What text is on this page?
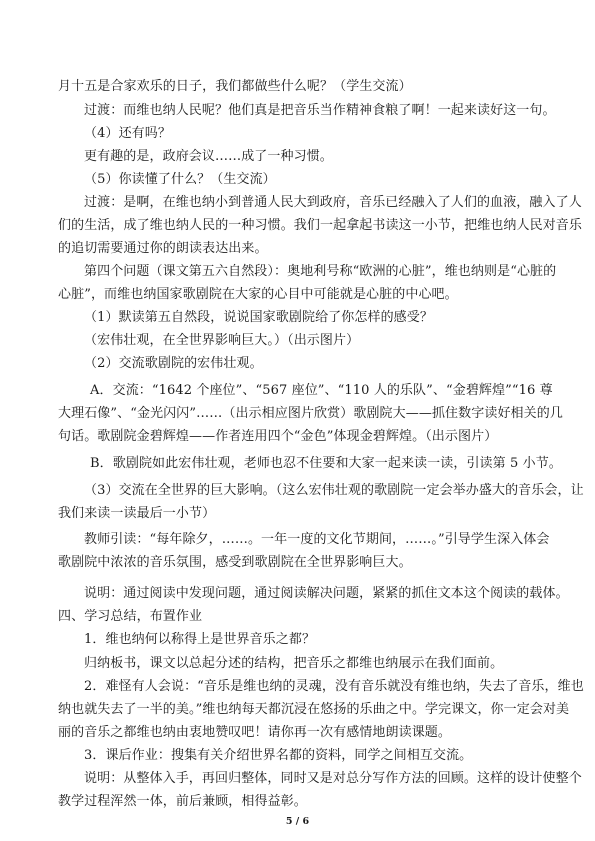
月十五是合家欢乐的日子，我们都做些什么呢？（学生交流）
过渡：而维也纳人民呢？他们真是把音乐当作精神食粮了啊！一起来读好这一句。
（4）还有吗？
更有趣的是，政府会议……成了一种习惯。
（5）你读懂了什么？（生交流）
过渡：是啊，在维也纳小到普通人民大到政府，音乐已经融入了人们的血液，融入了人
们的生活，成了维也纳人民的一种习惯。我们一起拿起书读这一小节，把维也纳人民对音乐
的追切需要通过你的朗读表达出来。
第四个问题（课文第五六自然段）：奥地利号称“欧洲的心脏”，维也纳则是“心脏的
心脏”，而维也纳国家歌剧院在大家的心目中可能就是心脏的中心吧。
（1）默读第五自然段，说说国家歌剧院给了你怎样的感受？
（宏伟壮观，在全世界影响巨大。）（出示图片）
（2）交流歌剧院的宏伟壮观。
A．交流：“1642 个座位”、“567 座位”、“110 人的乐队”、“金碧辉煌”“16 尊
大理石像”、“金光闪闪”……（出示相应图片欣赏）歌剧院大——抓住数字读好相关的几
句话。歌剧院金碧辉煌——作者连用四个“金色”体现金碧辉煌。（出示图片）
B．歌剧院如此宏伟壮观，老师也忍不住要和大家一起来读一读，引读第 5 小节。
（3）交流在全世界的巨大影响。（这么宏伟壮观的歌剧院一定会举办盛大的音乐会，让
我们来读一读最后一小节）
教师引读：“每年除夕，……。一年一度的文化节期间，……。”引导学生深入体会
歌剧院中浓浓的音乐氛围，感受到歌剧院在全世界影响巨大。
说明：通过阅读中发现问题，通过阅读解决问题，紧紧的抓住文本这个阅读的载体。
四、学习总结，布置作业
1．维也纳何以称得上是世界音乐之都？
归纳板书，课文以总起分述的结构，把音乐之都维也纳展示在我们面前。
2．难怪有人会说：“音乐是维也纳的灵魂，没有音乐就没有维也纳，失去了音乐，维也
纳也就失去了一半的美。”维也纳每天都沉浸在悠扬的乐曲之中。学完课文，你一定会对美
丽的音乐之都维也纳由衷地赞叹吧！请你再一次有感情地朗读课题。
3．课后作业：搜集有关介绍世界名都的资料，同学之间相互交流。
说明：从整体入手，再回归整体，同时又是对总分写作方法的回顾。这样的设计使整个
教学过程浑然一体，前后兼顾，相得益彰。
5 / 6
